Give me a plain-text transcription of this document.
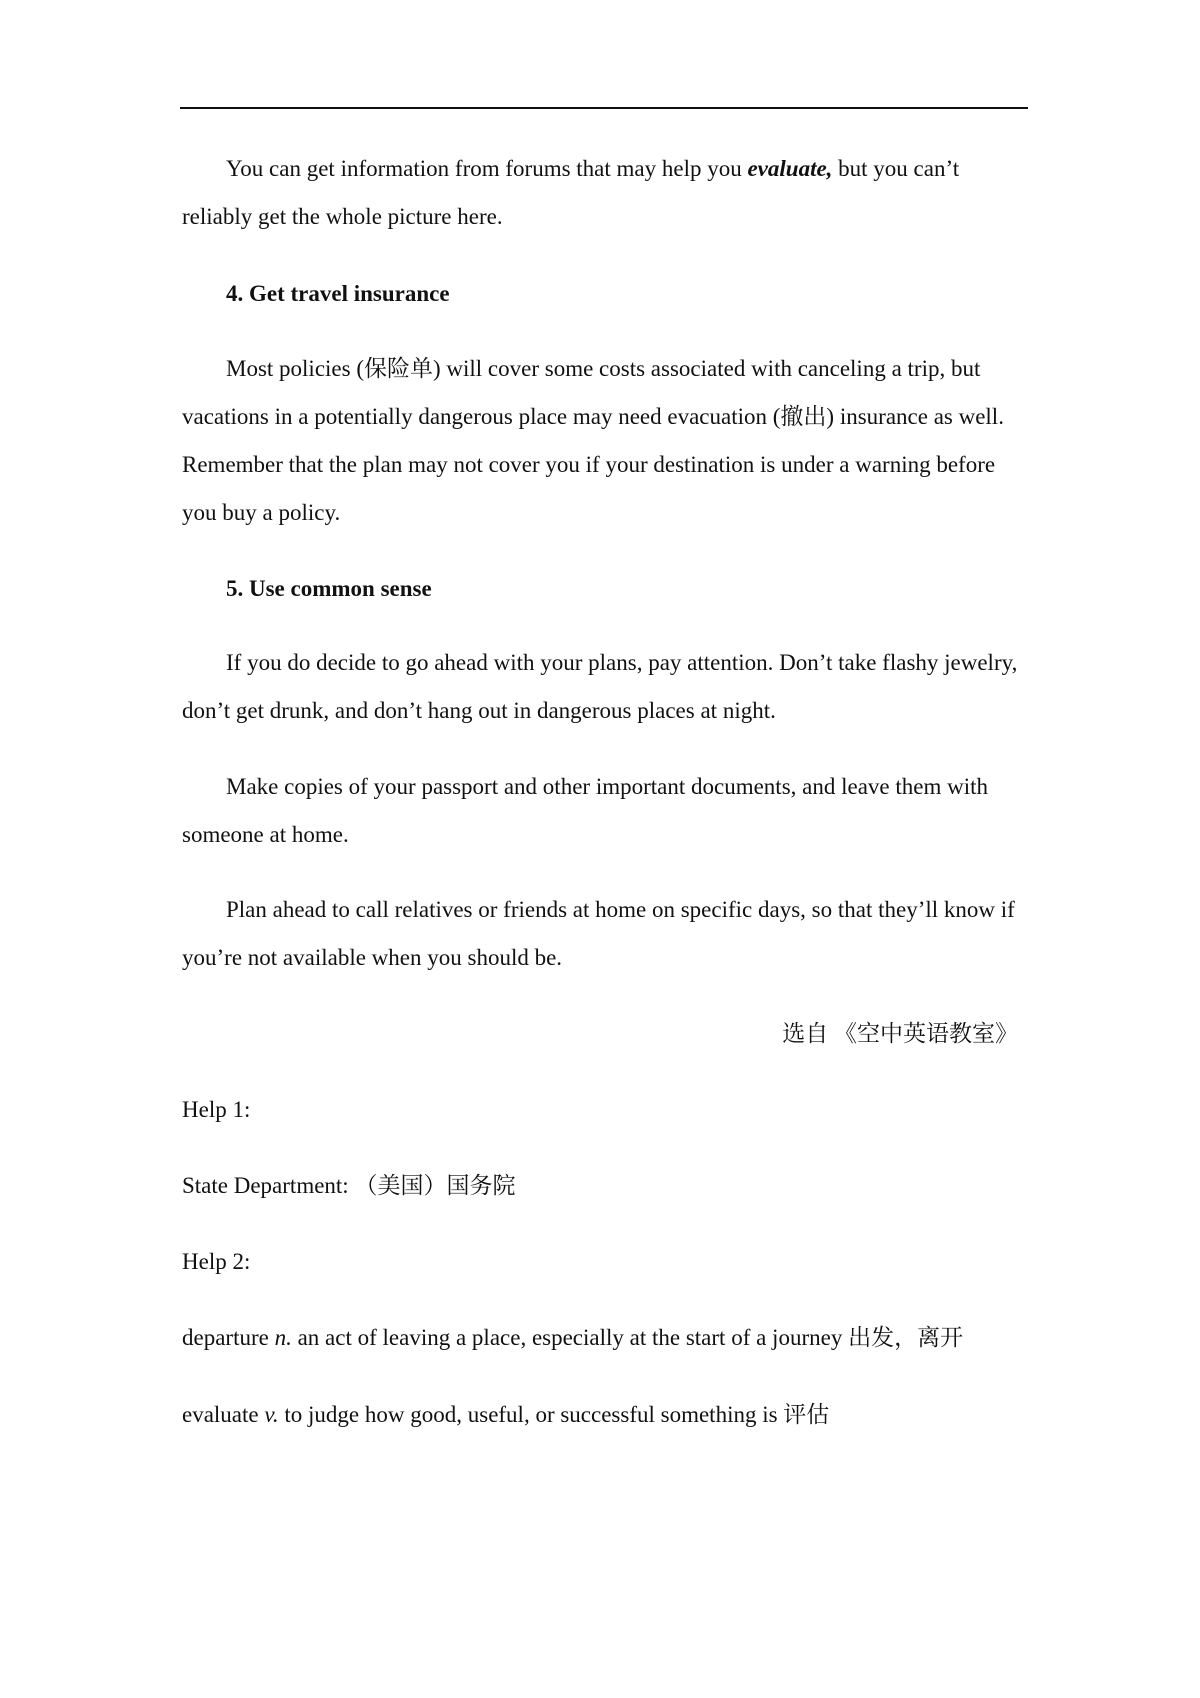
You can get information from forums that may help you evaluate, but you can’t reliably get the whole picture here.

4. Get travel insurance

Most policies (保险单) will cover some costs associated with canceling a trip, but vacations in a potentially dangerous place may need evacuation (撤出) insurance as well. Remember that the plan may not cover you if your destination is under a warning before you buy a policy.

5. Use common sense

If you do decide to go ahead with your plans, pay attention. Don’t take flashy jewelry, don’t get drunk, and don’t hang out in dangerous places at night.

Make copies of your passport and other important documents, and leave them with someone at home.

Plan ahead to call relatives or friends at home on specific days, so that they’ll know if you’re not available when you should be.

选自 《空中英语教室》

Help 1:

State Department: （美国）国务院

Help 2:

departure n. an act of leaving a place, especially at the start of a journey 出发，离开

evaluate v. to judge how good, useful, or successful something is 评估
